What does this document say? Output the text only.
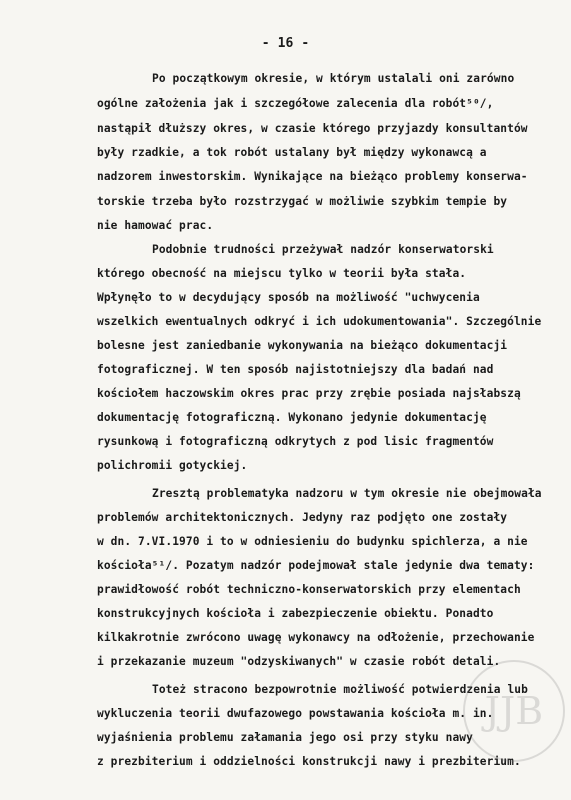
- 16 -
Po początkowym okresie, w którym ustalali oni zarówno
ogólne założenia jak i szczegółowe zalecenia dla robót⁵⁰/,
nastąpił dłuższy okres, w czasie którego przyjazdy konsultantów
były rzadkie, a tok robót ustalany był między wykonawcą a
nadzorem inwestorskim. Wynikające na bieżąco problemy konserwa-
torskie trzeba było rozstrzygać w możliwie szybkim tempie by
nie hamować prac.
Podobnie trudności przeżywał nadzór konserwatorski
którego obecność na miejscu tylko w teorii była stała.
Wpłynęło to w decydujący sposób na możliwość "uchwycenia
wszelkich ewentualnych odkryć i ich udokumentowania". Szczególnie
bolesne jest zaniedbanie wykonywania na bieżąco dokumentacji
fotograficznej. W ten sposób najistotniejszy dla badań nad
kościołem haczowskim okres prac przy zrębie posiada najsłabszą
dokumentację fotograficzną. Wykonano jedynie dokumentację
rysunkową i fotograficzną odkrytych z pod lisic fragmentów
polichromii gotyckiej.
Zresztą problematyka nadzoru w tym okresie nie obejmowała
problemów architektonicznych. Jedyny raz podjęto one zostały
w dn. 7.VI.1970 i to w odniesieniu do budynku spichlerza, a nie
kościoła⁵¹/. Pozatym nadzór podejmował stale jedynie dwa tematy:
prawidłowość robót techniczno-konserwatorskich przy elementach
konstrukcyjnych kościoła i zabezpieczenie obiektu. Ponadto
kilkakrotnie zwrócono uwagę wykonawcy na odłożenie, przechowanie
i przekazanie muzeum "odzyskiwanych" w czasie robót detali.
Toteż stracono bezpowrotnie możliwość potwierdzenia lub
wykluczenia teorii dwufazowego powstawania kościoła m. in.
wyjaśnienia problemu załamania jego osi przy styku nawy
z prezbiterium i oddzielności konstrukcji nawy i prezbiterium.
JJB
